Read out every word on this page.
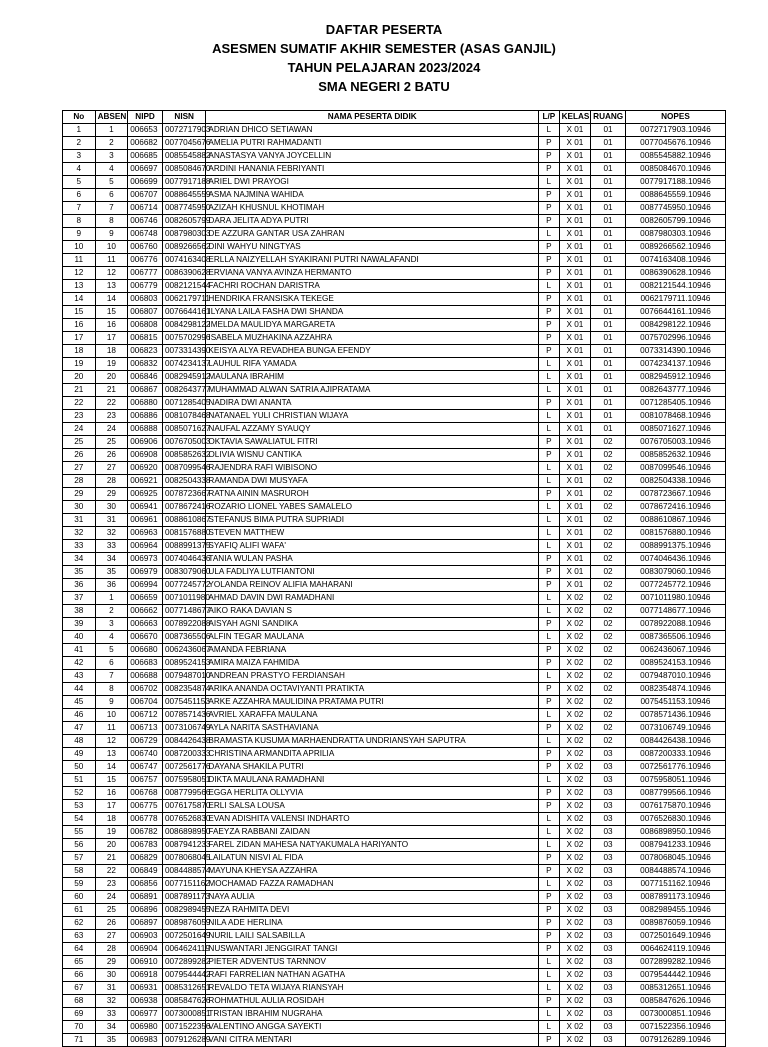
DAFTAR PESERTA
ASESMEN SUMATIF AKHIR SEMESTER (ASAS GANJIL)
TAHUN PELAJARAN 2023/2024
SMA NEGERI 2 BATU
No	ABSEN	NIPD	NISN	NAMA PESERTA DIDIK	L/P	KELAS	RUANG	NOPES
1	1	006653	0072717903	ADRIAN DHICO SETIAWAN	L	X 01	01	0072717903.10946
2	2	006682	0077045676	AMELIA PUTRI RAHMADANTI	P	X 01	01	0077045676.10946
3	3	006685	0085545882	ANASTASYA VANYA JOYCELLIN	P	X 01	01	0085545882.10946
4	4	006697	0085084670	ARDINI HANANIA FEBRIYANTI	P	X 01	01	0085084670.10946
5	5	006699	0077917188	ARIEL DWI PRAYOGI	L	X 01	01	0077917188.10946
6	6	006707	0088645559	ASMA NAJMINA WAHIDA	P	X 01	01	0088645559.10946
7	7	006714	0087745950	AZIZAH KHUSNUL KHOTIMAH	P	X 01	01	0087745950.10946
8	8	006746	0082605799	DARA JELITA ADYA PUTRI	P	X 01	01	0082605799.10946
9	9	006748	0087980303	DE AZZURA GANTAR USA ZAHRAN	L	X 01	01	0087980303.10946
10	10	006760	0089266562	DINI WAHYU NINGTYAS	P	X 01	01	0089266562.10946
11	11	006776	0074163408	ERLLA NAIZYELLAH SYAKIRANI PUTRI NAWALAFANDI	P	X 01	01	0074163408.10946
12	12	006777	0086390628	ERVIANA VANYA AVINZA HERMANTO	P	X 01	01	0086390628.10946
13	13	006779	0082121544	FACHRI ROCHAN DARISTRA	L	X 01	01	0082121544.10946
14	14	006803	0062179711	HENDRIKA FRANSISKA TEKEGE	P	X 01	01	0062179711.10946
15	15	006807	0076644161	ILYANA LAILA FASHA DWI SHANDA	P	X 01	01	0076644161.10946
16	16	006808	0084298122	IMELDA MAULIDYA MARGARETA	P	X 01	01	0084298122.10946
17	17	006815	0075702996	ISABELA MUZHAKINA AZZAHRA	P	X 01	01	0075702996.10946
18	18	006823	0073314390	KEISYA ALYA REVADHEA BUNGA EFENDY	P	X 01	01	0073314390.10946
19	19	006832	0074234137	LAUHUL RIFA YAMADA	L	X 01	01	0074234137.10946
20	20	006846	0082945912	MAULANA IBRAHIM	L	X 01	01	0082945912.10946
21	21	006867	0082643777	MUHAMMAD ALWAN SATRIA AJIPRATAMA	L	X 01	01	0082643777.10946
22	22	006880	0071285405	NADIRA DWI ANANTA	P	X 01	01	0071285405.10946
23	23	006886	0081078468	NATANAEL YULI CHRISTIAN WIJAYA	L	X 01	01	0081078468.10946
24	24	006888	0085071627	NAUFAL AZZAMY SYAUQY	L	X 01	01	0085071627.10946
25	25	006906	0076705003	OKTAVIA SAWALIATUL FITRI	P	X 01	02	0076705003.10946
26	26	006908	0085852632	OLIVIA WISNU CANTIKA	P	X 01	02	0085852632.10946
27	27	006920	0087099546	RAJENDRA RAFI WIBISONO	L	X 01	02	0087099546.10946
28	28	006921	0082504338	RAMANDA DWI MUSYAFA	L	X 01	02	0082504338.10946
29	29	006925	0078723667	RATNA AININ MASRUROH	P	X 01	02	0078723667.10946
30	30	006941	0078672416	ROZARIO LIONEL YABES SAMALELO	L	X 01	02	0078672416.10946
31	31	006961	0088610867	STEFANUS BIMA PUTRA SUPRIADI	L	X 01	02	0088610867.10946
32	32	006963	0081576880	STEVEN MATTHEW	L	X 01	02	0081576880.10946
33	33	006964	0088991375	SYAFIQ ALIFI WAFA'	L	X 01	02	0088991375.10946
34	34	006973	0074046436	TANIA WULAN PASHA	P	X 01	02	0074046436.10946
35	35	006979	0083079060	ULA FADLIYA LUTFIANTONI	P	X 01	02	0083079060.10946
36	36	006994	0077245772	YOLANDA REINOV ALIFIA MAHARANI	P	X 01	02	0077245772.10946
37	1	006659	0071011980	AHMAD DAVIN DWI RAMADHANI	L	X 02	02	0071011980.10946
38	2	006662	0077148677	AIKO RAKA DAVIAN S	L	X 02	02	0077148677.10946
39	3	006663	0078922088	AISYAH AGNI SANDIKA	P	X 02	02	0078922088.10946
40	4	006670	0087365506	ALFIN TEGAR MAULANA	L	X 02	02	0087365506.10946
41	5	006680	0062436067	AMANDA FEBRIANA	P	X 02	02	0062436067.10946
42	6	006683	0089524153	AMIRA MAIZA FAHMIDA	P	X 02	02	0089524153.10946
43	7	006688	0079487010	ANDREAN PRASTYO FERDIANSAH	L	X 02	02	0079487010.10946
44	8	006702	0082354874	ARIKA ANANDA OCTAVIYANTI PRATIKTA	P	X 02	02	0082354874.10946
45	9	006704	0075451153	ARKE AZZAHRA MAULIDINA PRATAMA PUTRI	P	X 02	02	0075451153.10946
46	10	006712	0078571436	AVRIEL XARAFFA MAULANA	L	X 02	02	0078571436.10946
47	11	006713	0073106749	AYLA NARITA SASTHAVIANA	P	X 02	02	0073106749.10946
48	12	006729	0084426438	BRAMASTA KUSUMA MARHAENDRATTA UNDRIANSYAH SAPUTRA	L	X 02	02	0084426438.10946
49	13	006740	0087200333	CHRISTINA ARMANDITA APRILIA	P	X 02	03	0087200333.10946
50	14	006747	0072561776	DAYANA SHAKILA PUTRI	P	X 02	03	0072561776.10946
51	15	006757	0075958051	DIKTA MAULANA RAMADHANI	L	X 02	03	0075958051.10946
52	16	006768	0087799566	EGGA HERLITA OLLYVIA	P	X 02	03	0087799566.10946
53	17	006775	0076175870	ERLI SALSA LOUSA	P	X 02	03	0076175870.10946
54	18	006778	0076526830	EVAN ADISHITA VALENSI INDHARTO	L	X 02	03	0076526830.10946
55	19	006782	0086898950	FAEYZA RABBANI ZAIDAN	L	X 02	03	0086898950.10946
56	20	006783	0087941233	FAREL ZIDAN MAHESA NATYAKUMALA HARIYANTO	L	X 02	03	0087941233.10946
57	21	006829	0078068045	LAILATUN NISVI AL FIDA	P	X 02	03	0078068045.10946
58	22	006849	0084488574	MAYUNA KHEYSA AZZAHRA	P	X 02	03	0084488574.10946
59	23	006856	0077151162	MOCHAMAD FAZZA RAMADHAN	L	X 02	03	0077151162.10946
60	24	006891	0087891173	NAYA AULIA	P	X 02	03	0087891173.10946
61	25	006896	0082989455	NEZA RAHMITA DEVI	P	X 02	03	0082989455.10946
62	26	006897	0089876059	NILA ADE HERLINA	P	X 02	03	0089876059.10946
63	27	006903	0072501649	NURIL LAILI SALSABILLA	P	X 02	03	0072501649.10946
64	28	006904	0064624119	NUSWANTARI JENGGIRAT TANGI	P	X 02	03	0064624119.10946
65	29	006910	0072899282	PIETER ADVENTUS TARNNOV	L	X 02	03	0072899282.10946
66	30	006918	0079544442	RAFI FARRELIAN NATHAN AGATHA	L	X 02	03	0079544442.10946
67	31	006931	0085312651	REVALDO TETA WIJAYA RIANSYAH	L	X 02	03	0085312651.10946
68	32	006938	0085847626	ROHMATHUL AULIA ROSIDAH	P	X 02	03	0085847626.10946
69	33	006977	0073000851	TRISTAN IBRAHIM NUGRAHA	L	X 02	03	0073000851.10946
70	34	006980	0071522356	VALENTINO ANGGA SAYEKTI	L	X 02	03	0071522356.10946
71	35	006983	0079126289	VANI CITRA MENTARI	P	X 02	03	0079126289.10946
